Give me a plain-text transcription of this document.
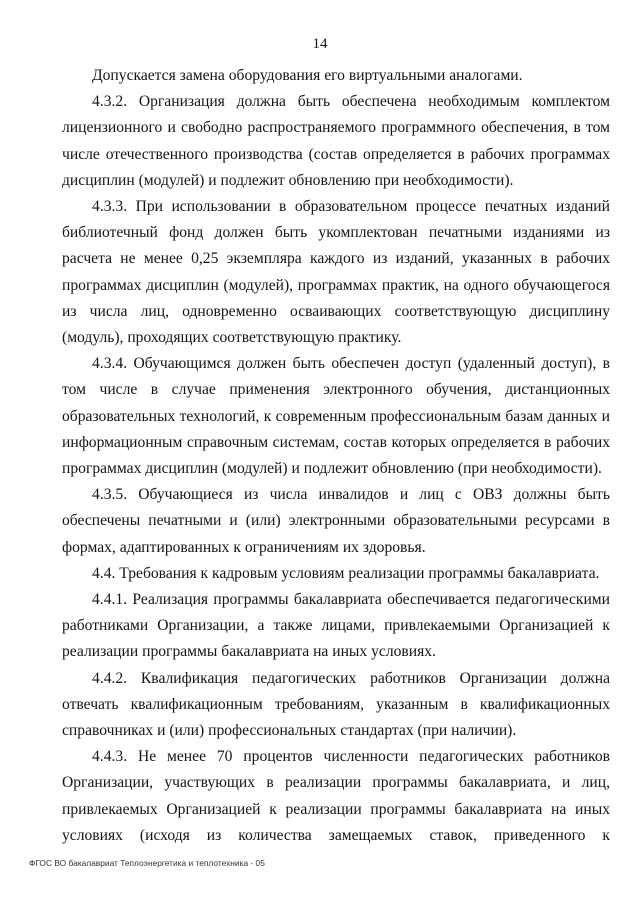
14

Допускается замена оборудования его виртуальными аналогами.

4.3.2. Организация должна быть обеспечена необходимым комплектом лицензионного и свободно распространяемого программного обеспечения, в том числе отечественного производства (состав определяется в рабочих программах дисциплин (модулей) и подлежит обновлению при необходимости).

4.3.3. При использовании в образовательном процессе печатных изданий библиотечный фонд должен быть укомплектован печатными изданиями из расчета не менее 0,25 экземпляра каждого из изданий, указанных в рабочих программах дисциплин (модулей), программах практик, на одного обучающегося из числа лиц, одновременно осваивающих соответствующую дисциплину (модуль), проходящих соответствующую практику.

4.3.4. Обучающимся должен быть обеспечен доступ (удаленный доступ), в том числе в случае применения электронного обучения, дистанционных образовательных технологий, к современным профессиональным базам данных и информационным справочным системам, состав которых определяется в рабочих программах дисциплин (модулей) и подлежит обновлению (при необходимости).

4.3.5. Обучающиеся из числа инвалидов и лиц с ОВЗ должны быть обеспечены печатными и (или) электронными образовательными ресурсами в формах, адаптированных к ограничениям их здоровья.

4.4. Требования к кадровым условиям реализации программы бакалавриата.

4.4.1. Реализация программы бакалавриата обеспечивается педагогическими работниками Организации, а также лицами, привлекаемыми Организацией к реализации программы бакалавриата на иных условиях.

4.4.2. Квалификация педагогических работников Организации должна отвечать квалификационным требованиям, указанным в квалификационных справочниках и (или) профессиональных стандартах (при наличии).

4.4.3. Не менее 70 процентов численности педагогических работников Организации, участвующих в реализации программы бакалавриата, и лиц, привлекаемых Организацией к реализации программы бакалавриата на иных условиях (исходя из количества замещаемых ставок, приведенного к

ФГОС ВО бакалавриат Теплоэнергетика и теплотехника - 05
